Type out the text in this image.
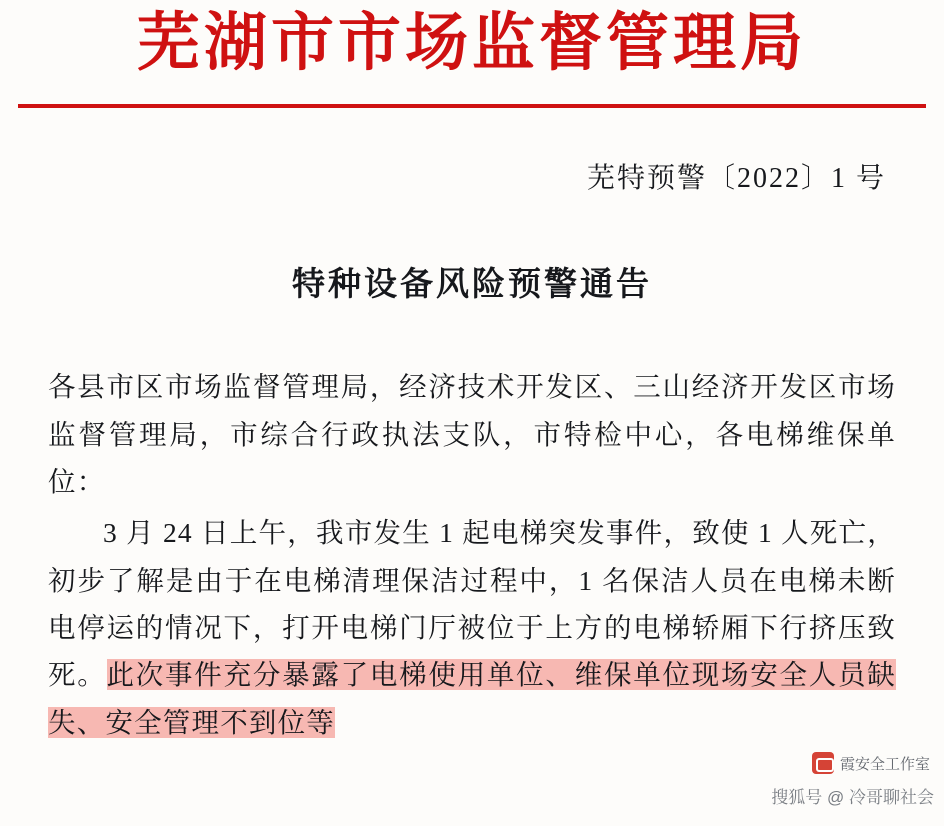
芜湖市市场监督管理局
芜特预警〔2022〕1 号
特种设备风险预警通告

各县市区市场监督管理局，经济技术开发区、三山经济开发区市场监督管理局，市综合行政执法支队，市特检中心，各电梯维保单位：

3 月 24 日上午，我市发生 1 起电梯突发事件，致使 1 人死亡，初步了解是由于在电梯清理保洁过程中，1 名保洁人员在电梯未断电停运的情况下，打开电梯门厅被位于上方的电梯轿厢下行挤压致死。此次事件充分暴露了电梯使用单位、维保单位现场安全人员缺失、安全管理不到位等

霞安全工作室
搜狐号 @ 冷哥聊社会
